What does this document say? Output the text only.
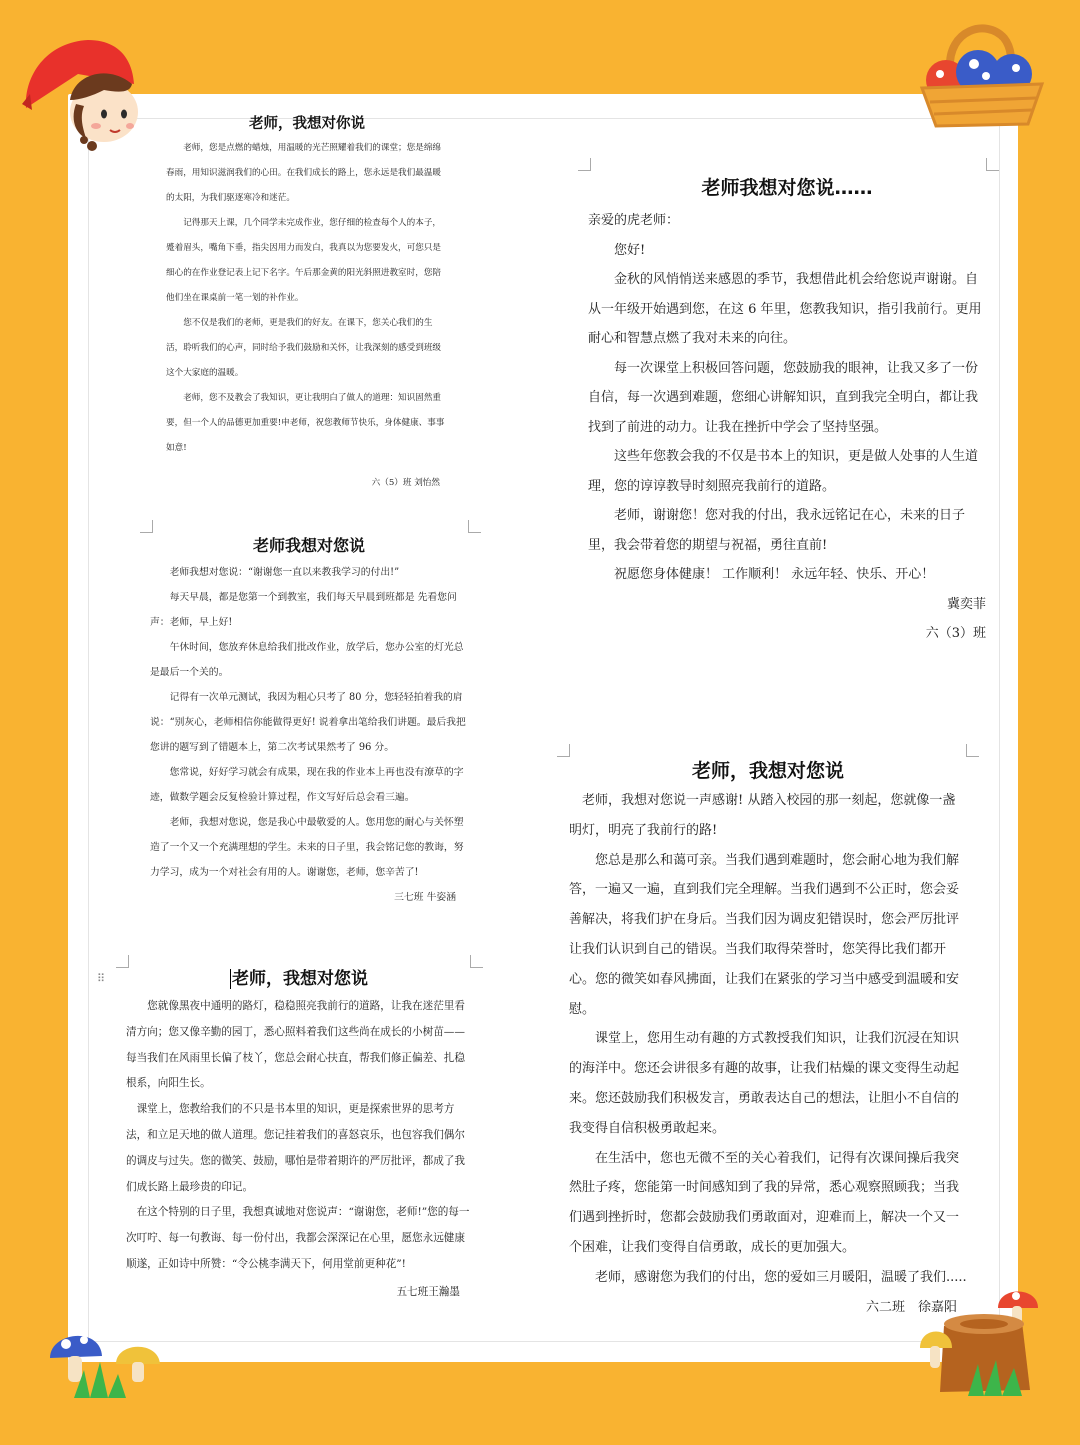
⠿
老师，我想对你说

老师，您是点燃的蜡烛，用温暖的光芒照耀着我们的课堂；您是绵绵春雨，用知识滋润我们的心田。在我们成长的路上，您永远是我们最温暖的太阳，为我们驱逐寒冷和迷茫。

记得那天上课，几个同学未完成作业，您仔细的检查每个人的本子，蹙着眉头，嘴角下垂，指尖因用力而发白，我真以为您要发火，可您只是细心的在作业登记表上记下名字。午后那金黄的阳光斜照进教室时，您陪他们坐在课桌前一笔一划的补作业。

您不仅是我们的老师，更是我们的好友。在课下，您关心我们的生活，聆听我们的心声，同时给予我们鼓励和关怀，让我深刻的感受到班级这个大家庭的温暖。

老师，您不及教会了我知识，更让我明白了做人的道理：知识固然重要，但一个人的品德更加重要!申老师，祝您教师节快乐，身体健康、事事如意!

六（5）班 刘怡然

老师我想对您说……

亲爱的虎老师：

您好!

金秋的风悄悄送来感恩的季节，我想借此机会给您说声谢谢。自从一年级开始遇到您，在这 6 年里，您教我知识，指引我前行。更用耐心和智慧点燃了我对未来的向往。

每一次课堂上积极回答问题，您鼓励我的眼神，让我又多了一份自信，每一次遇到难题，您细心讲解知识，直到我完全明白，都让我找到了前进的动力。让我在挫折中学会了坚持坚强。

这些年您教会我的不仅是书本上的知识，更是做人处事的人生道理，您的谆谆教导时刻照亮我前行的道路。

老师，谢谢您！您对我的付出，我永远铭记在心，未来的日子里，我会带着您的期望与祝福，勇往直前!

祝愿您身体健康！ 工作顺利！ 永远年轻、快乐、开心！

冀奕菲

六（3）班

老师我想对您说

老师我想对您说：“谢谢您一直以来教我学习的付出!”

每天早晨，都是您第一个到教室，我们每天早晨到班都是 先看您问声：老师，早上好!

午休时间，您放弃休息给我们批改作业，放学后，您办公室的灯光总是最后一个关的。

记得有一次单元测试，我因为粗心只考了 80 分，您轻轻拍着我的肩说：“别灰心，老师相信你能做得更好! 说着拿出笔给我们讲题。最后我把您讲的题写到了错题本上，第二次考试果然考了 96 分。

您常说，好好学习就会有成果，现在我的作业本上再也没有潦草的字迹，做数学题会反复检验计算过程，作文写好后总会看三遍。

老师，我想对您说，您是我心中最敬爱的人。您用您的耐心与关怀塑造了一个又一个充满理想的学生。未来的日子里，我会铭记您的教诲，努力学习，成为一个对社会有用的人。谢谢您，老师，您辛苦了!

三七班 牛姿涵

老师，我想对您说

　　您就像黑夜中通明的路灯，稳稳照亮我前行的道路，让我在迷茫里看清方向；您又像辛勤的园丁，悉心照料着我们这些尚在成长的小树苗——每当我们在风雨里长偏了枝丫，您总会耐心扶直，帮我们修正偏差、扎稳根系，向阳生长。

　课堂上，您教给我们的不只是书本里的知识，更是探索世界的思考方法，和立足天地的做人道理。您记挂着我们的喜怒哀乐，也包容我们偶尔的调皮与过失。您的微笑、鼓励，哪怕是带着期许的严厉批评，都成了我们成长路上最珍贵的印记。

　在这个特别的日子里，我想真诚地对您说声：“谢谢您，老师!”您的每一次叮咛、每一句教诲、每一份付出，我都会深深记在心里，愿您永远健康顺遂，正如诗中所赞：“令公桃李满天下，何用堂前更种花”!

五七班王瀚墨

老师，我想对您说

　老师，我想对您说一声感谢! 从踏入校园的那一刻起，您就像一盏明灯，明亮了我前行的路!

　　您总是那么和蔼可亲。当我们遇到难题时，您会耐心地为我们解答，一遍又一遍，直到我们完全理解。当我们遇到不公正时，您会妥善解决，将我们护在身后。当我们因为调皮犯错误时，您会严厉批评让我们认识到自己的错误。当我们取得荣誉时，您笑得比我们都开心。您的微笑如春风拂面，让我们在紧张的学习当中感受到温暖和安慰。

　　课堂上，您用生动有趣的方式教授我们知识，让我们沉浸在知识的海洋中。您还会讲很多有趣的故事，让我们枯燥的课文变得生动起来。您还鼓励我们积极发言，勇敢表达自己的想法，让胆小不自信的我变得自信积极勇敢起来。

　　在生活中，您也无微不至的关心着我们，记得有次课间操后我突然肚子疼，您能第一时间感知到了我的异常，悉心观察照顾我；当我们遇到挫折时，您都会鼓励我们勇敢面对，迎难而上，解决一个又一个困难，让我们变得自信勇敢，成长的更加强大。

　　老师，感谢您为我们的付出，您的爱如三月暖阳，温暖了我们.....

六二班　徐嘉阳
